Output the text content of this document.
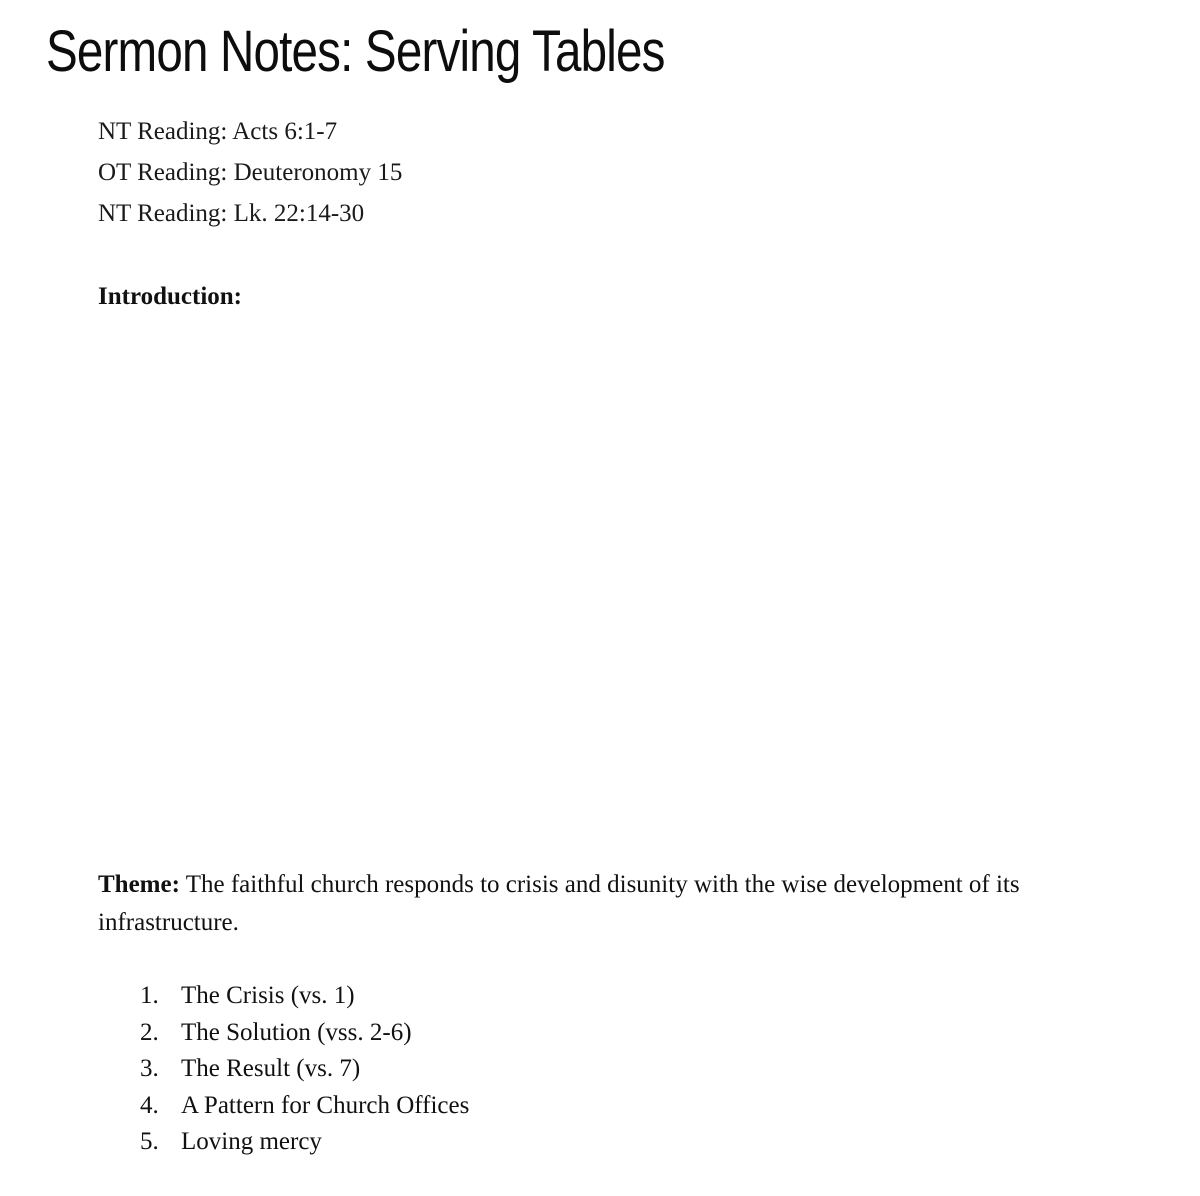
Sermon Notes: Serving Tables
NT Reading: Acts 6:1-7
OT Reading: Deuteronomy 15
NT Reading: Lk. 22:14-30
Introduction:

Theme: The faithful church responds to crisis and disunity with the wise development of its infrastructure.

1. The Crisis (vs. 1)
2. The Solution (vss. 2-6)
3. The Result (vs. 7)
4. A Pattern for Church Offices
5. Loving mercy
